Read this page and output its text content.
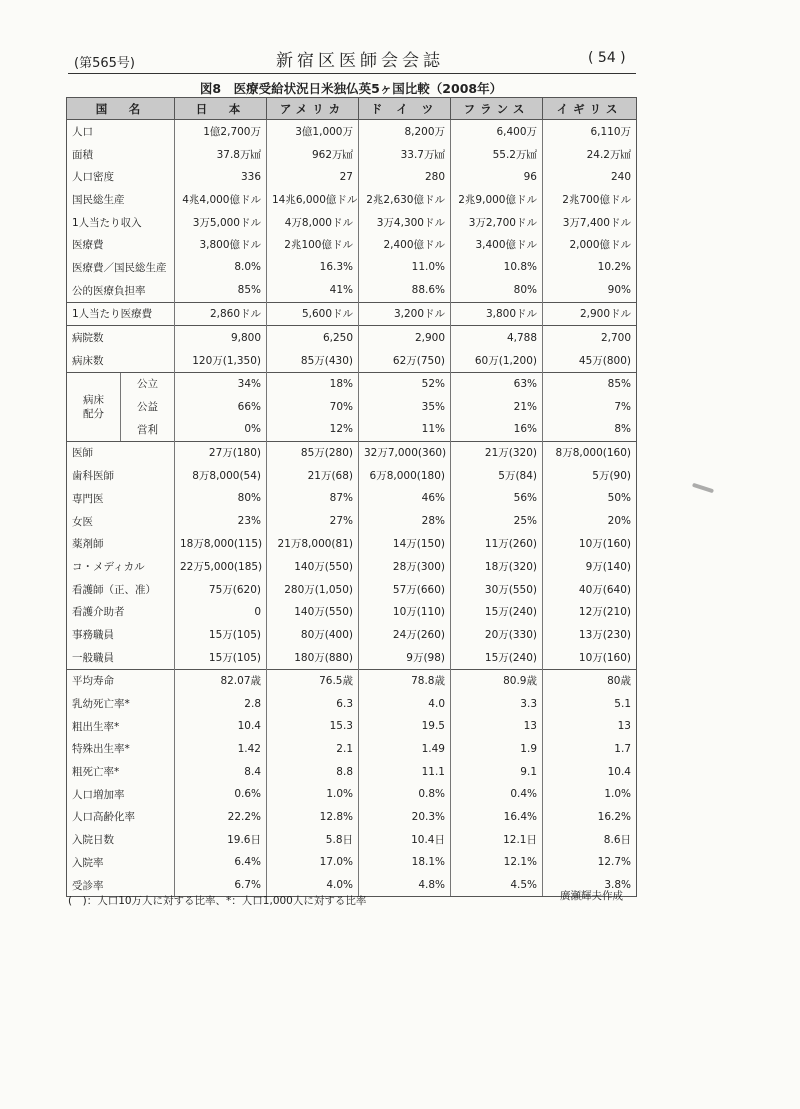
(第565号)	新宿区医師会会誌	( 54 )
図8　医療受給状況日米独仏英5ヶ国比較（2008年）
国　名		日　本	アメリカ	ド イ ツ	フランス	イギリス
人口		1億2,700万	3億1,000万	8,200万	6,400万	6,110万
面積		37.8万㎢	962万㎢	33.7万㎢	55.2万㎢	24.2万㎢
人口密度		336	27	280	96	240
国民総生産		4兆4,000億ドル	14兆6,000億ドル	2兆2,630億ドル	2兆9,000億ドル	2兆700億ドル
1人当たり収入		3万5,000ドル	4万8,000ドル	3万4,300ドル	3万2,700ドル	3万7,400ドル
医療費		3,800億ドル	2兆100億ドル	2,400億ドル	3,400億ドル	2,000億ドル
医療費／国民総生産		8.0%	16.3%	11.0%	10.8%	10.2%
公的医療負担率		85%	41%	88.6%	80%	90%
1人当たり医療費		2,860ドル	5,600ドル	3,200ドル	3,800ドル	2,900ドル
病院数		9,800	6,250	2,900	4,788	2,700
病床数		120万(1,350)	85万(430)	62万(750)	60万(1,200)	45万(800)

病床
配分	公立	34%	18%	52%	63%	85%
	公益	66%	70%	35%	21%	7%
	営利	0%	12%	11%	16%	8%
医師		27万(180)	85万(280)	32万7,000(360)	21万(320)	8万8,000(160)
歯科医師		8万8,000(54)	21万(68)	6万8,000(180)	5万(84)	5万(90)
専門医		80%	87%	46%	56%	50%
女医		23%	27%	28%	25%	20%
薬剤師		18万8,000(115)	21万8,000(81)	14万(150)	11万(260)	10万(160)
コ・メディカル		22万5,000(185)	140万(550)	28万(300)	18万(320)	9万(140)
看護師（正、准）		75万(620)	280万(1,050)	57万(660)	30万(550)	40万(640)
看護介助者		0	140万(550)	10万(110)	15万(240)	12万(210)
事務職員		15万(105)	80万(400)	24万(260)	20万(330)	13万(230)
一般職員		15万(105)	180万(880)	9万(98)	15万(240)	10万(160)
平均寿命		82.07歳	76.5歳	78.8歳	80.9歳	80歳
乳幼死亡率*		2.8	6.3	4.0	3.3	5.1
粗出生率*		10.4	15.3	19.5	13	13
特殊出生率*		1.42	2.1	1.49	1.9	1.7
粗死亡率*		8.4	8.8	11.1	9.1	10.4
人口増加率		0.6%	1.0%	0.8%	0.4%	1.0%
人口高齢化率		22.2%	12.8%	20.3%	16.4%	16.2%
入院日数		19.6日	5.8日	10.4日	12.1日	8.6日
入院率		6.4%	17.0%	18.1%	12.1%	12.7%
受診率		6.7%	4.0%	4.8%	4.5%	3.8%
(　)：人口10万人に対する比率、*：人口1,000人に対する比率	廣瀬輝夫作成
